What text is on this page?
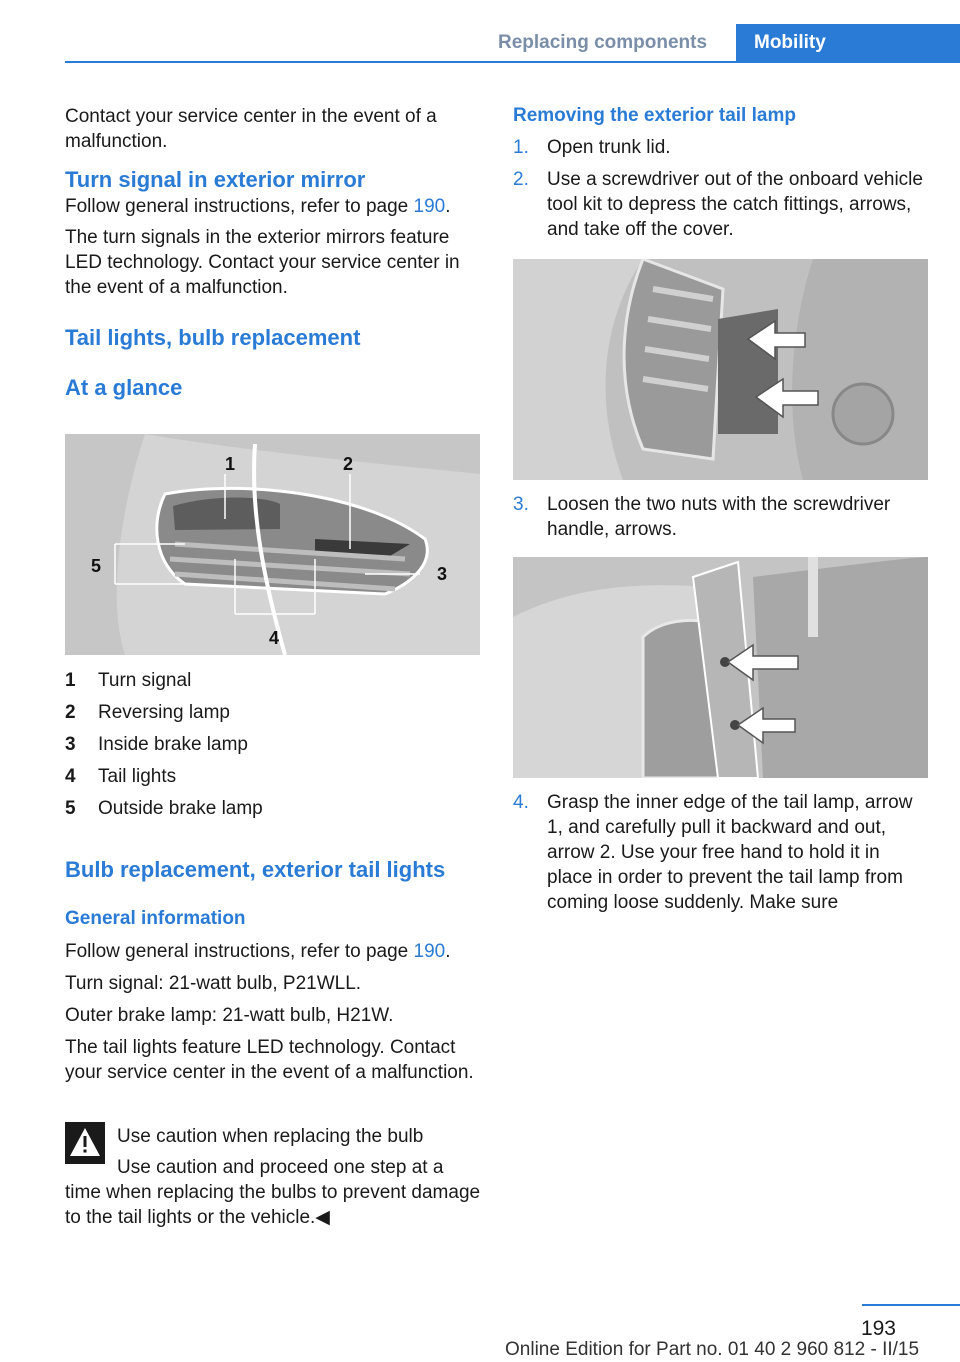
Replacing components	Mobility

Contact your service center in the event of a malfunction.

Turn signal in exterior mirror

Follow general instructions, refer to page 190.

The turn signals in the exterior mirrors feature LED technology. Contact your service center in the event of a malfunction.

Tail lights, bulb replacement
At a glance
1	2
3
4
5
1	Turn signal
2	Reversing lamp
3	Inside brake lamp
4	Tail lights
5	Outside brake lamp
Bulb replacement, exterior tail lights
General information

Follow general instructions, refer to page 190.

Turn signal: 21-watt bulb, P21WLL.

Outer brake lamp: 21-watt bulb, H21W.

The tail lights feature LED technology. Contact your service center in the event of a malfunction.

Use caution when replacing the bulb
Use caution and proceed one step at a time when replacing the bulbs to prevent damage to the tail lights or the vehicle.◀
Removing the exterior tail lamp
1. Open trunk lid.
2. Use a screwdriver out of the onboard vehicle tool kit to depress the catch fittings, arrows, and take off the cover.
3. Loosen the two nuts with the screwdriver handle, arrows.
4. Grasp the inner edge of the tail lamp, arrow 1, and carefully pull it backward and out, arrow 2. Use your free hand to hold it in place in order to prevent the tail lamp from coming loose suddenly. Make sure
193
Online Edition for Part no. 01 40 2 960 812 - II/15
